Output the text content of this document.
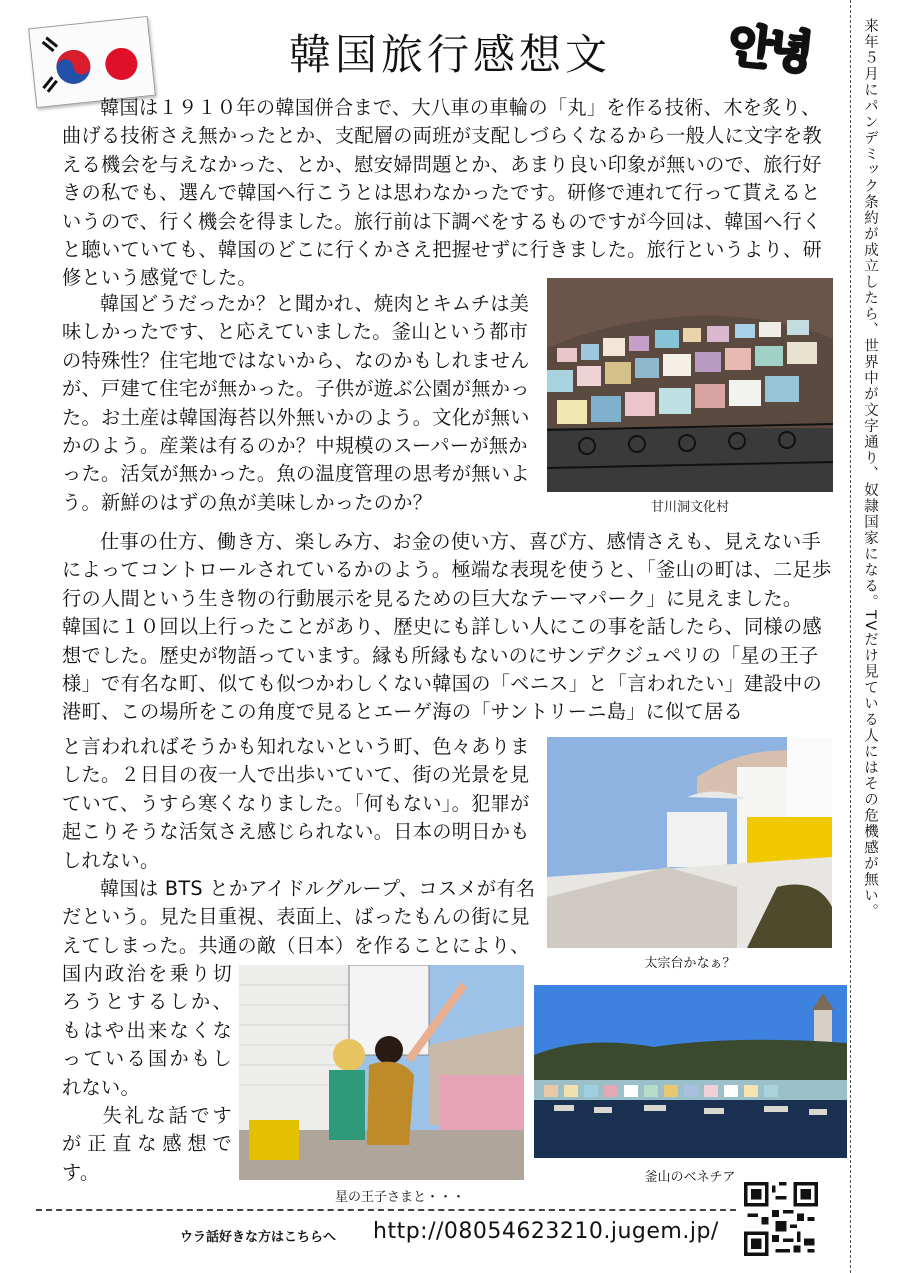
韓国旅行感想文	안녕

韓国は１９１０年の韓国併合まで、大八車の車輪の「丸」を作る技術、木を炙り、曲げる技術さえ無かったとか、支配層の両班が支配しづらくなるから一般人に文字を教える機会を与えなかった、とか、慰安婦問題とか、あまり良い印象が無いので、旅行好きの私でも、選んで韓国へ行こうとは思わなかったです。研修で連れて行って貰えるというので、行く機会を得ました。旅行前は下調べをするものですが今回は、韓国へ行くと聴いていても、韓国のどこに行くかさえ把握せずに行きました。旅行というより、研修という感覚でした。

韓国どうだったか？と聞かれ、焼肉とキムチは美味しかったです、と応えていました。釜山という都市の特殊性？住宅地ではないから、なのかもしれませんが、戸建て住宅が無かった。子供が遊ぶ公園が無かった。お土産は韓国海苔以外無いかのよう。文化が無いかのよう。産業は有るのか？中規模のスーパーが無かった。活気が無かった。魚の温度管理の思考が無いよう。新鮮のはずの魚が美味しかったのか？	甘川洞文化村

仕事の仕方、働き方、楽しみ方、お金の使い方、喜び方、感情さえも、見えない手によってコントロールされているかのよう。極端な表現を使うと、「釜山の町は、二足歩行の人間という生き物の行動展示を見るための巨大なテーマパーク」に見えました。
韓国に１０回以上行ったことがあり、歴史にも詳しい人にこの事を話したら、同様の感想でした。歴史が物語っています。縁も所縁もないのにサンデクジュペリの「星の王子様」で有名な町、似ても似つかわしくない韓国の「ベニス」と「言われたい」建設中の港町、この場所をこの角度で見るとエーゲ海の「サントリーニ島」に似て居る

と言われればそうかも知れないという町、色々ありました。２日目の夜一人で出歩いていて、街の光景を見ていて、うすら寒くなりました。「何もない」。犯罪が起こりそうな活気さえ感じられない。日本の明日かもしれない。
韓国は BTS とかアイドルグループ、コスメが有名だという。見た目重視、表面上、ばったもんの街に見えてしまった。共通の敵（日本）を作ることにより、

太宗台かなぁ？

国内政治を乗り切ろうとするしか、もはや出来なくなっている国かもしれない。
失礼な話ですが正直な感想です。

星の王子さまと・・・
釜山のベネチア
来年５月にパンデミック条約が成立したら、世界中が文字通り、奴隷国家になる。TVだけ見ている人にはその危機感が無い。
ウラ話好きな方はこちらへ http://08054623210.jugem.jp/
